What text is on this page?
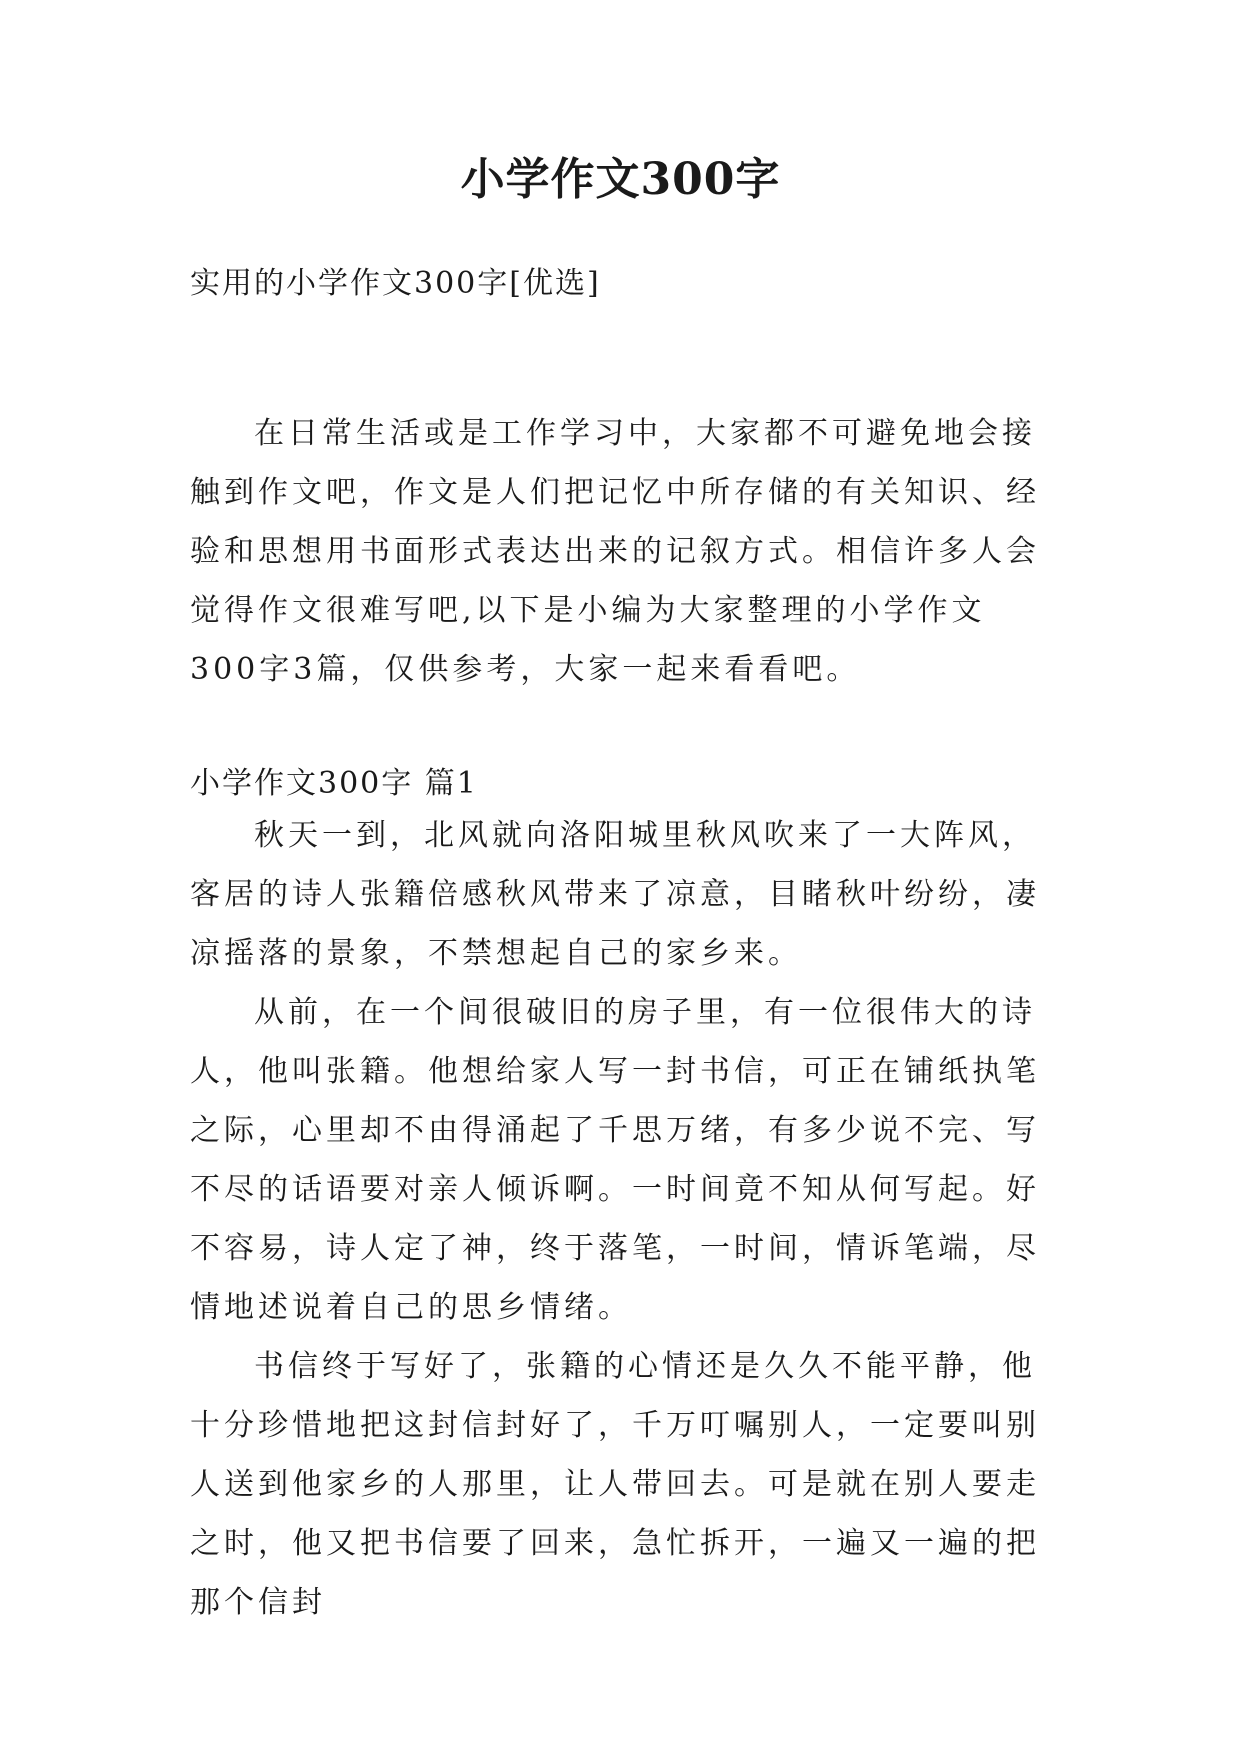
小学作文300字
实用的小学作文300字[优选]

在日常生活或是工作学习中，大家都不可避免地会接触到作文吧，作文是人们把记忆中所存储的有关知识、经验和思想用书面形式表达出来的记叙方式。相信许多人会觉得作文很难写吧,以下是小编为大家整理的小学作文300字3篇，仅供参考，大家一起来看看吧。

小学作文300字 篇1

秋天一到，北风就向洛阳城里秋风吹来了一大阵风，客居的诗人张籍倍感秋风带来了凉意，目睹秋叶纷纷，凄凉摇落的景象，不禁想起自己的家乡来。

从前，在一个间很破旧的房子里，有一位很伟大的诗人，他叫张籍。他想给家人写一封书信，可正在铺纸执笔之际，心里却不由得涌起了千思万绪，有多少说不完、写不尽的话语要对亲人倾诉啊。一时间竟不知从何写起。好不容易，诗人定了神，终于落笔，一时间，情诉笔端，尽情地述说着自己的思乡情绪。

书信终于写好了，张籍的心情还是久久不能平静，他十分珍惜地把这封信封好了，千万叮嘱别人，一定要叫别人送到他家乡的人那里，让人带回去。可是就在别人要走之时，他又把书信要了回来，急忙拆开，一遍又一遍的把那个信封
